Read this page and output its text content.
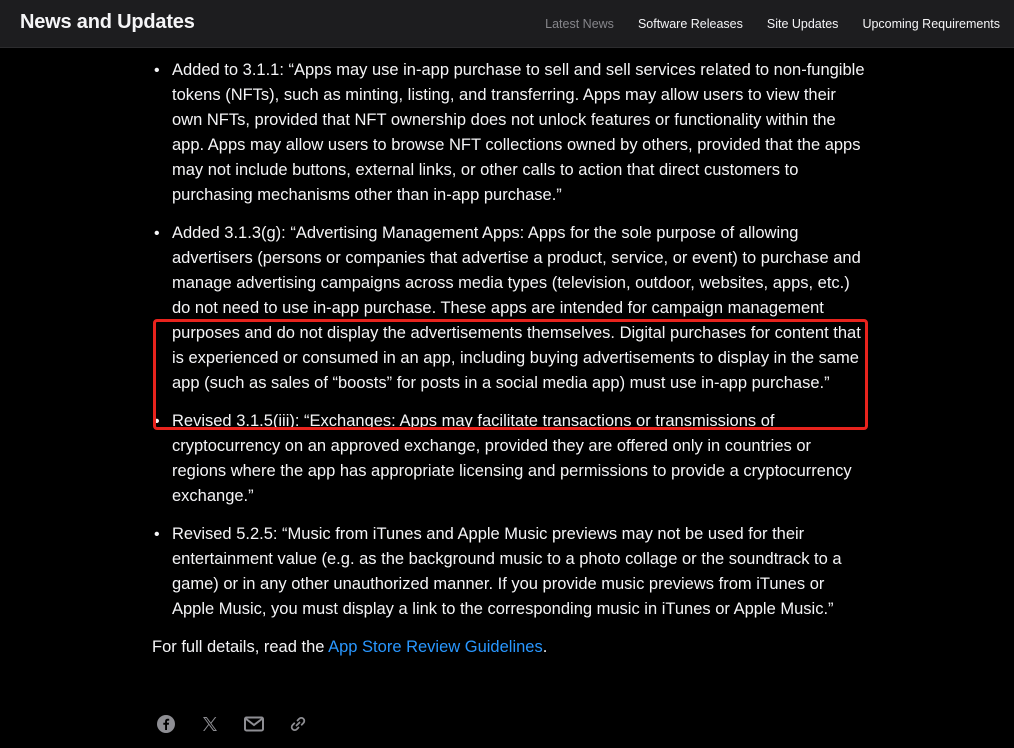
News and Updates	Latest News Software Releases Site Updates Upcoming Requirements
• Added to 3.1.1: “Apps may use in-app purchase to sell and sell services related to non-fungible tokens (NFTs), such as minting, listing, and transferring. Apps may allow users to view their own NFTs, provided that NFT ownership does not unlock features or functionality within the app. Apps may allow users to browse NFT collections owned by others, provided that the apps may not include buttons, external links, or other calls to action that direct customers to purchasing mechanisms other than in-app purchase.”
• Added 3.1.3(g): “Advertising Management Apps: Apps for the sole purpose of allowing advertisers (persons or companies that advertise a product, service, or event) to purchase and manage advertising campaigns across media types (television, outdoor, websites, apps, etc.) do not need to use in-app purchase. These apps are intended for campaign management purposes and do not display the advertisements themselves. Digital purchases for content that is experienced or consumed in an app, including buying advertisements to display in the same app (such as sales of “boosts” for posts in a social media app) must use in-app purchase.”
• Revised 3.1.5(iii): “Exchanges: Apps may facilitate transactions or transmissions of cryptocurrency on an approved exchange, provided they are offered only in countries or regions where the app has appropriate licensing and permissions to provide a cryptocurrency exchange.”
• Revised 5.2.5: “Music from iTunes and Apple Music previews may not be used for their entertainment value (e.g. as the background music to a photo collage or the soundtrack to a game) or in any other unauthorized manner. If you provide music previews from iTunes or Apple Music, you must display a link to the corresponding music in iTunes or Apple Music.”
For full details, read the App Store Review Guidelines.
